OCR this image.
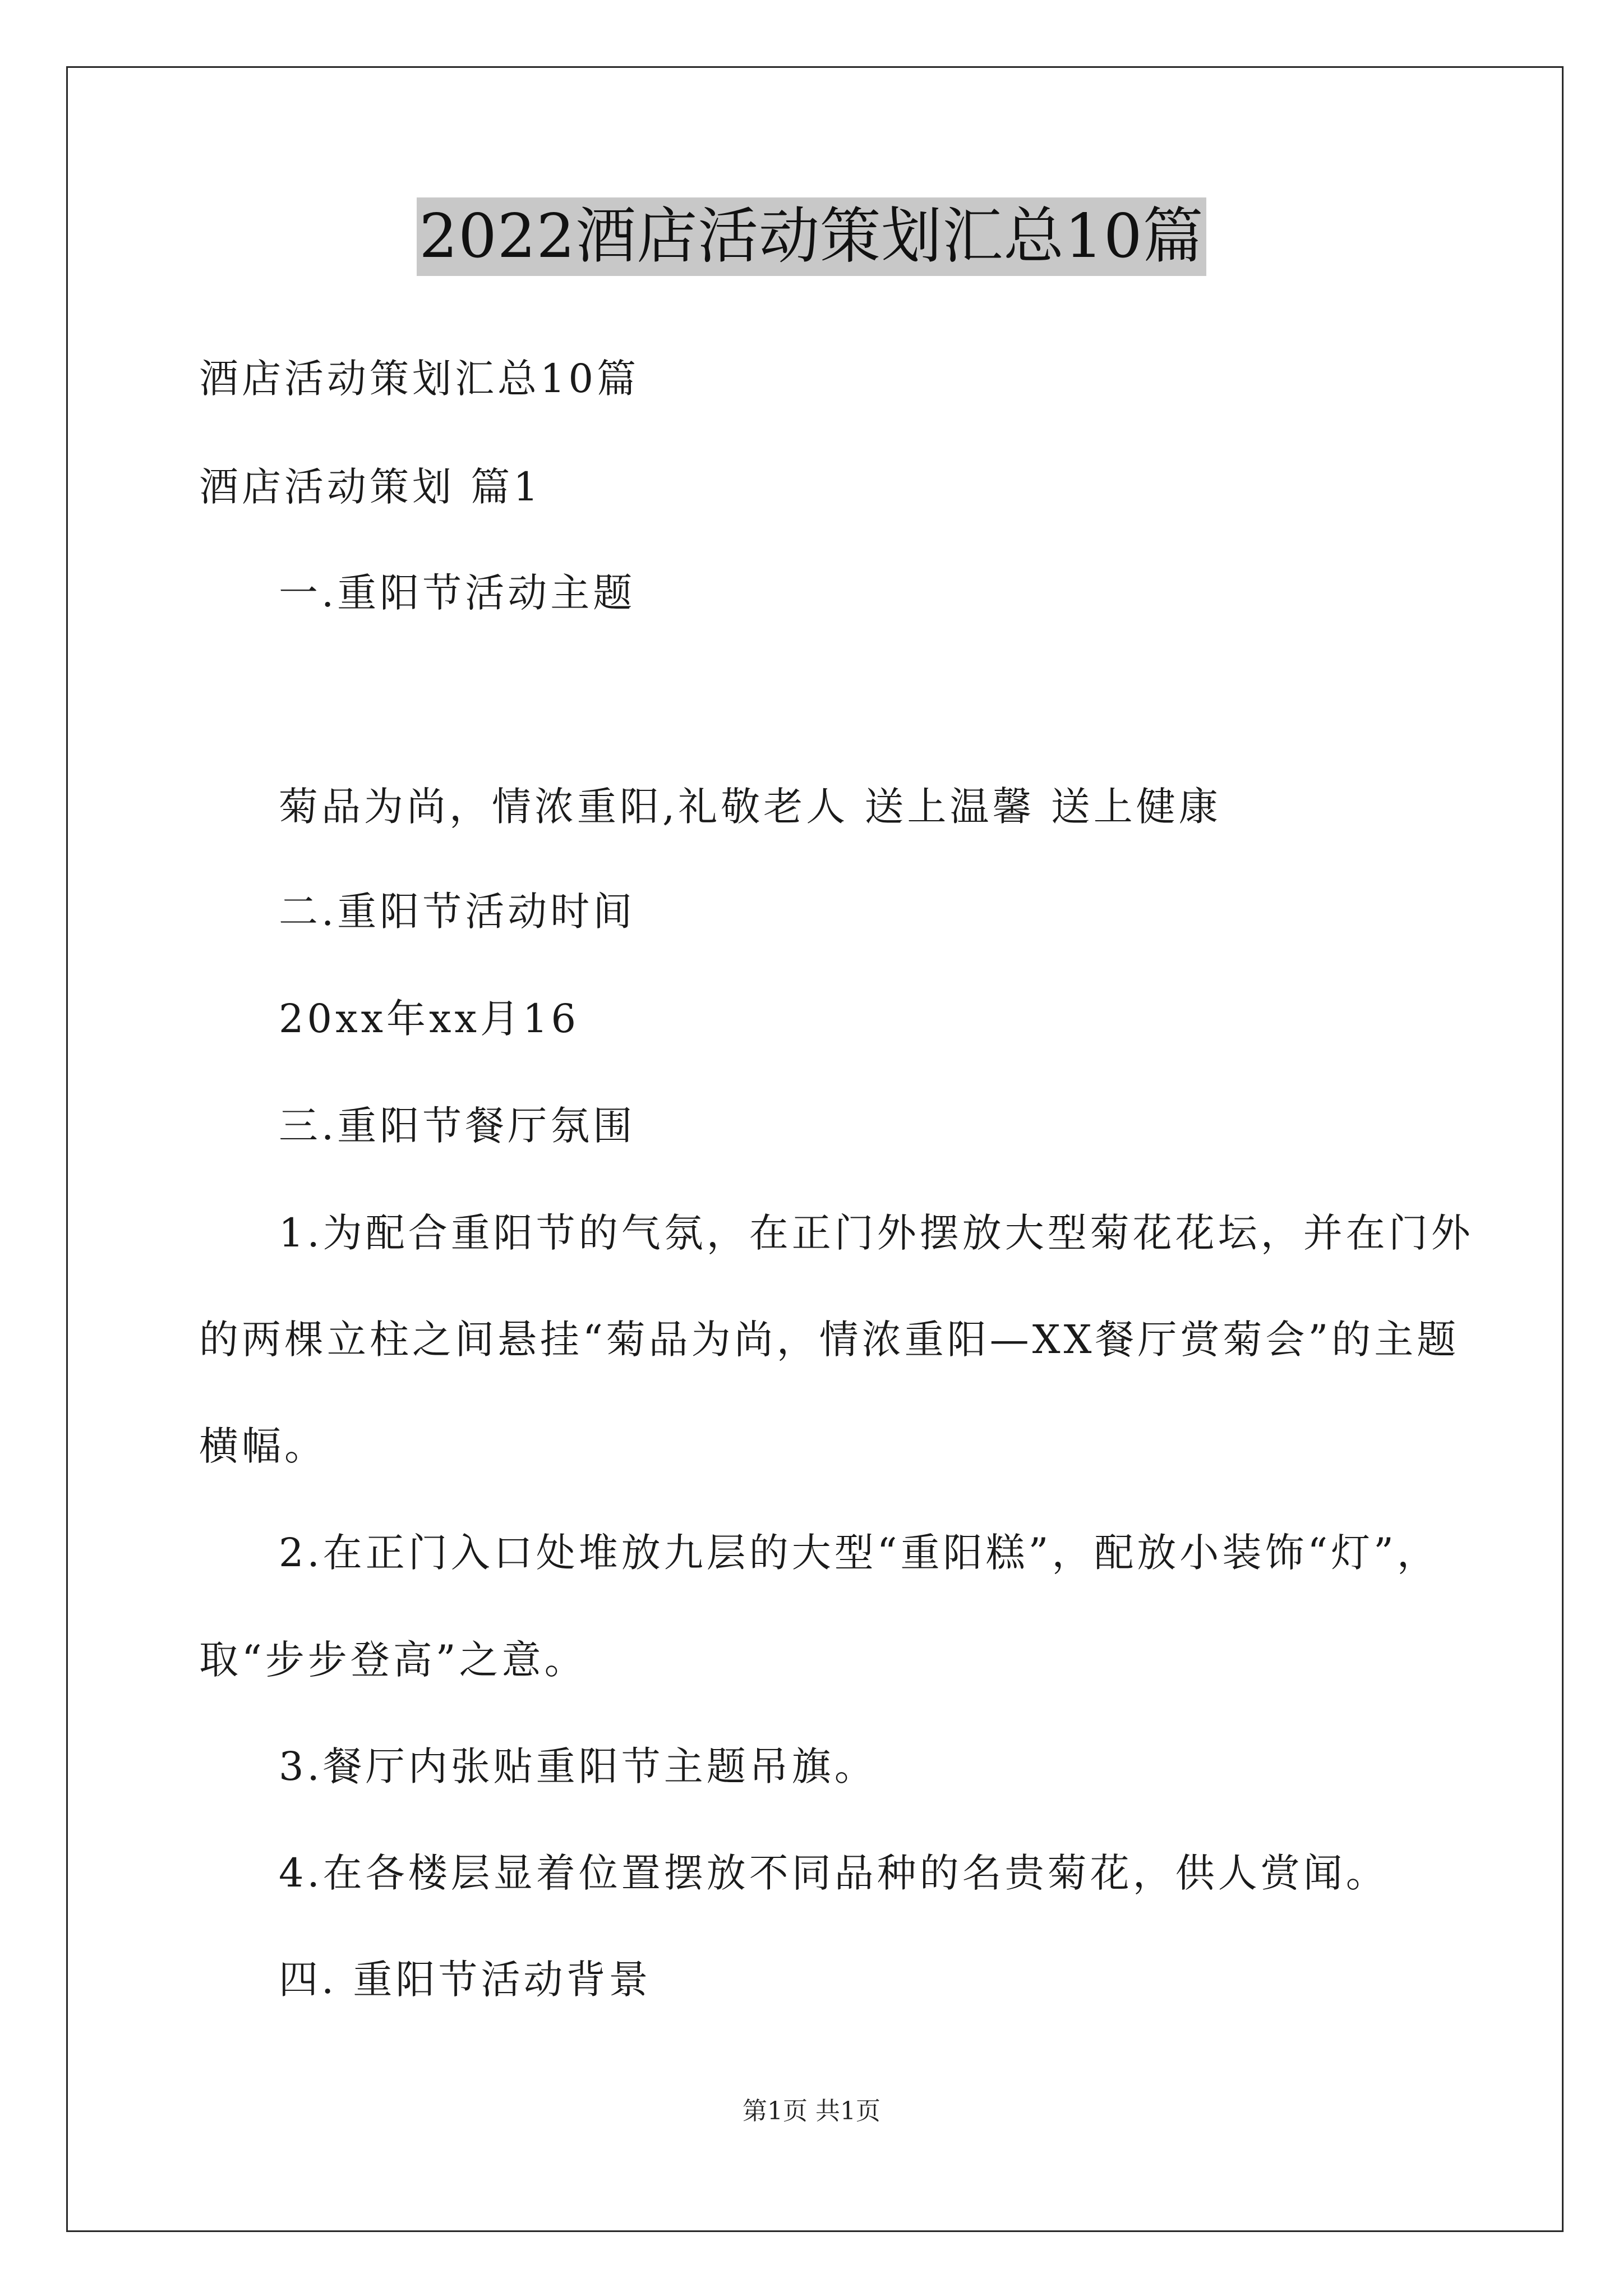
2022酒店活动策划汇总10篇
酒店活动策划汇总10篇
酒店活动策划 篇1
一.重阳节活动主题
菊品为尚，情浓重阳,礼敬老人 送上温馨 送上健康
二.重阳节活动时间
20xx年xx月16
三.重阳节餐厅氛围
1.为配合重阳节的气氛，在正门外摆放大型菊花花坛，并在门外
的两棵立柱之间悬挂“菊品为尚，情浓重阳—XX餐厅赏菊会”的主题
横幅。
2.在正门入口处堆放九层的大型“重阳糕”，配放小装饰“灯”，
取“步步登高”之意。
3.餐厅内张贴重阳节主题吊旗。
4.在各楼层显着位置摆放不同品种的名贵菊花，供人赏闻。
四. 重阳节活动背景
第1页 共1页
